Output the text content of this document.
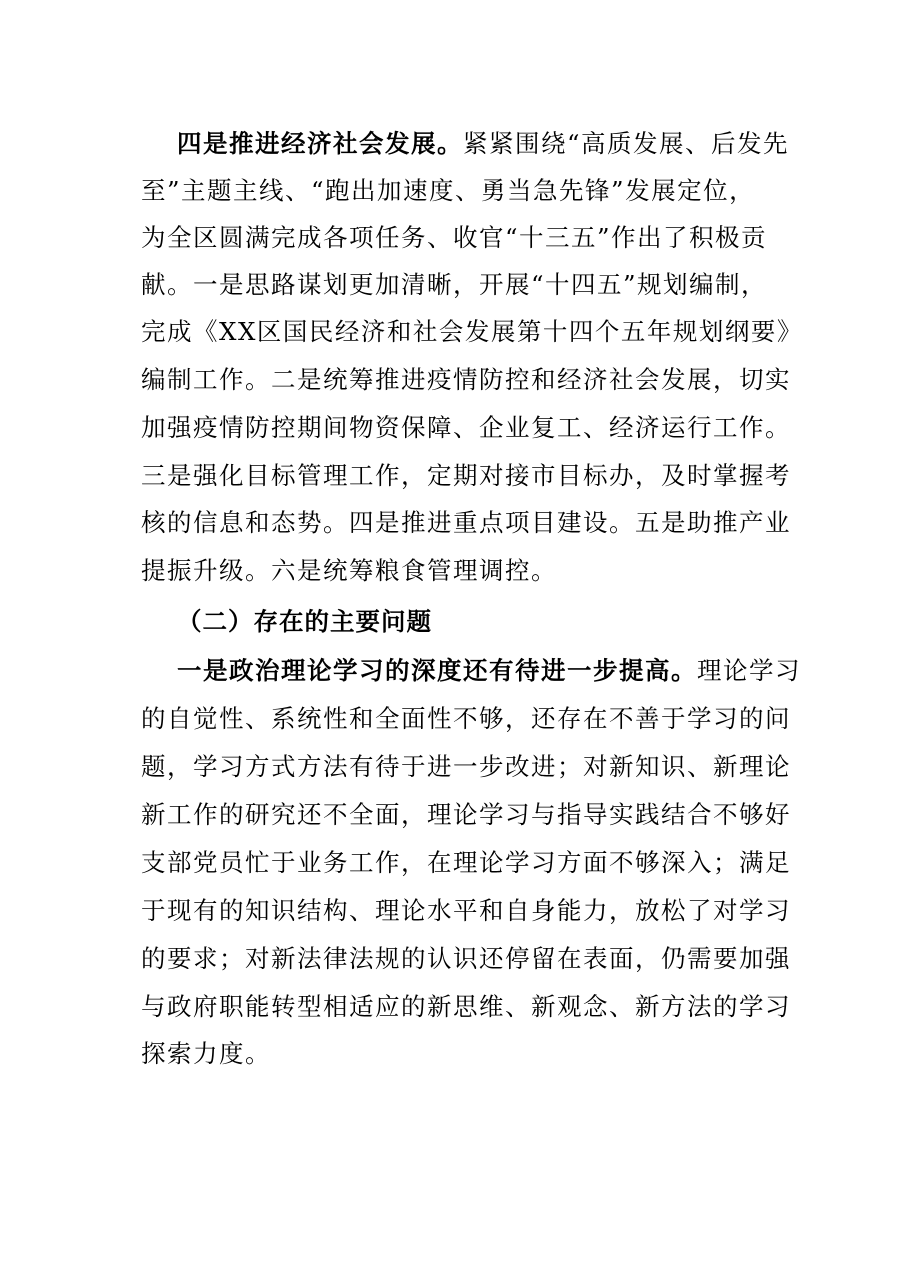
四是推进经济社会发展。紧紧围绕“高质发展、后发先
至”主题主线、“跑出加速度、勇当急先锋”发展定位，
为全区圆满完成各项任务、收官“十三五”作出了积极贡
献。一是思路谋划更加清晰，开展“十四五”规划编制，
完成《XX区国民经济和社会发展第十四个五年规划纲要》
编制工作。二是统筹推进疫情防控和经济社会发展，切实
加强疫情防控期间物资保障、企业复工、经济运行工作。
三是强化目标管理工作，定期对接市目标办，及时掌握考
核的信息和态势。四是推进重点项目建设。五是助推产业
提振升级。六是统筹粮食管理调控。
（二）存在的主要问题
一是政治理论学习的深度还有待进一步提高。理论学习
的自觉性、系统性和全面性不够，还存在不善于学习的问
题，学习方式方法有待于进一步改进；对新知识、新理论
新工作的研究还不全面，理论学习与指导实践结合不够好
支部党员忙于业务工作，在理论学习方面不够深入；满足
于现有的知识结构、理论水平和自身能力，放松了对学习
的要求；对新法律法规的认识还停留在表面，仍需要加强
与政府职能转型相适应的新思维、新观念、新方法的学习
探索力度。
